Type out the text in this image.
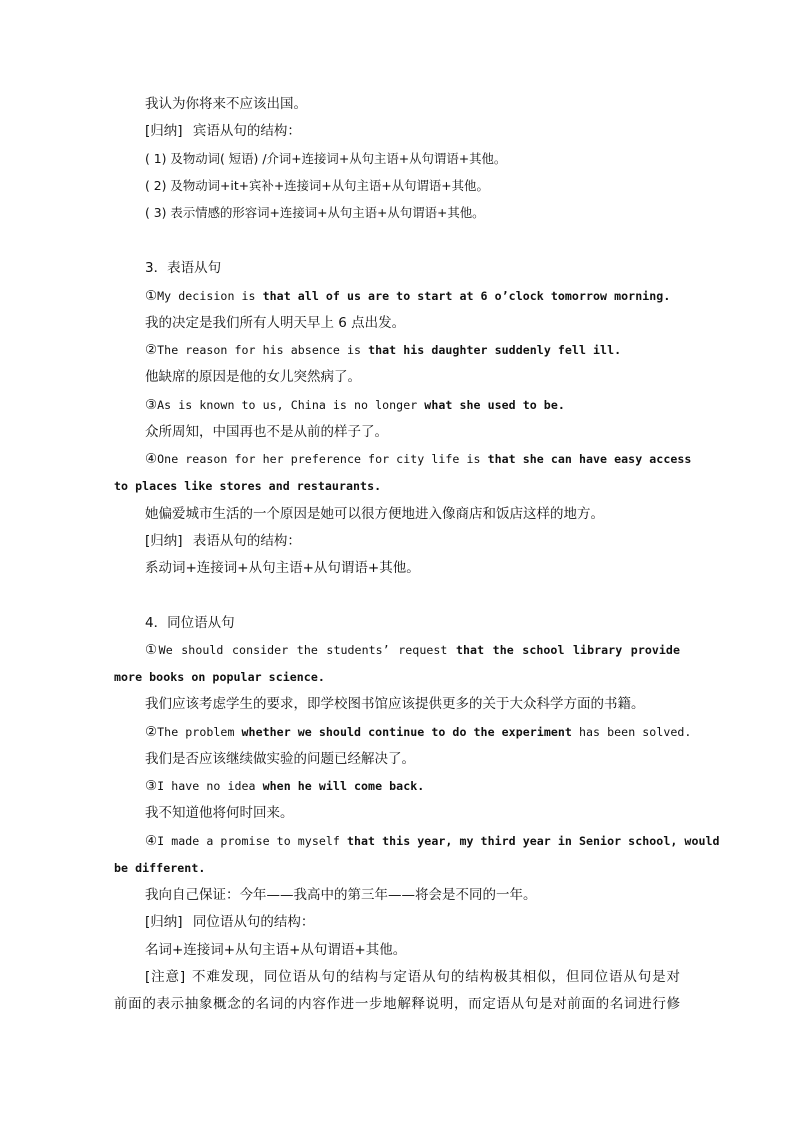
我认为你将来不应该出国。
[归纳] 宾语从句的结构：
( 1) 及物动词( 短语) /介词+连接词+从句主语+从句谓语+其他。
( 2) 及物动词+it+宾补+连接词+从句主语+从句谓语+其他。
( 3) 表示情感的形容词+连接词+从句主语+从句谓语+其他。
3．表语从句
①My decision is that all of us are to start at 6 o’clock tomorrow morning.
我的决定是我们所有人明天早上 6 点出发。
②The reason for his absence is that his daughter suddenly fell ill.
他缺席的原因是他的女儿突然病了。
③As is known to us, China is no longer what she used to be.
众所周知，中国再也不是从前的样子了。
④One reason for her preference for city life is that she can have easy access
to places like stores and restaurants.
她偏爱城市生活的一个原因是她可以很方便地进入像商店和饭店这样的地方。
[归纳] 表语从句的结构：
系动词+连接词+从句主语+从句谓语+其他。
4．同位语从句
①We should consider the students’ request that the school library provide
more books on popular science.
我们应该考虑学生的要求，即学校图书馆应该提供更多的关于大众科学方面的书籍。
②The problem whether we should continue to do the experiment has been solved.
我们是否应该继续做实验的问题已经解决了。
③I have no idea when he will come back.
我不知道他将何时回来。
④I made a promise to myself that this year, my third year in Senior school, would
be different.
我向自己保证：今年——我高中的第三年——将会是不同的一年。
[归纳] 同位语从句的结构：
名词+连接词+从句主语+从句谓语+其他。
[注意] 不难发现，同位语从句的结构与定语从句的结构极其相似，但同位语从句是对
前面的表示抽象概念的名词的内容作进一步地解释说明，而定语从句是对前面的名词进行修
